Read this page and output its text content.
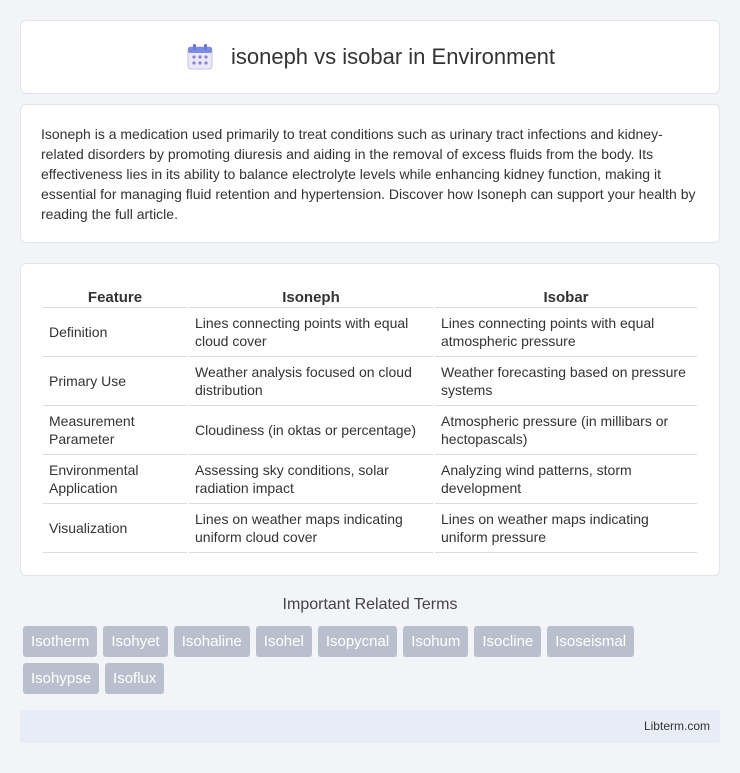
isoneph vs isobar in Environment

Isoneph is a medication used primarily to treat conditions such as urinary tract infections and kidney-related disorders by promoting diuresis and aiding in the removal of excess fluids from the body. Its effectiveness lies in its ability to balance electrolyte levels while enhancing kidney function, making it essential for managing fluid retention and hypertension. Discover how Isoneph can support your health by reading the full article.

Feature	Isoneph	Isobar
Definition	Lines connecting points with equal cloud cover	Lines connecting points with equal atmospheric pressure
Primary Use	Weather analysis focused on cloud distribution	Weather forecasting based on pressure systems
Measurement Parameter	Cloudiness (in oktas or percentage)	Atmospheric pressure (in millibars or hectopascals)
Environmental Application	Assessing sky conditions, solar radiation impact	Analyzing wind patterns, storm development
Visualization	Lines on weather maps indicating uniform cloud cover	Lines on weather maps indicating uniform pressure
Important Related Terms
Isotherm	Isohyet	Isohaline	Isohel	Isopycnal	Isohum	Isocline	Isoseismal
Isohypse	Isoflux
Libterm.com
